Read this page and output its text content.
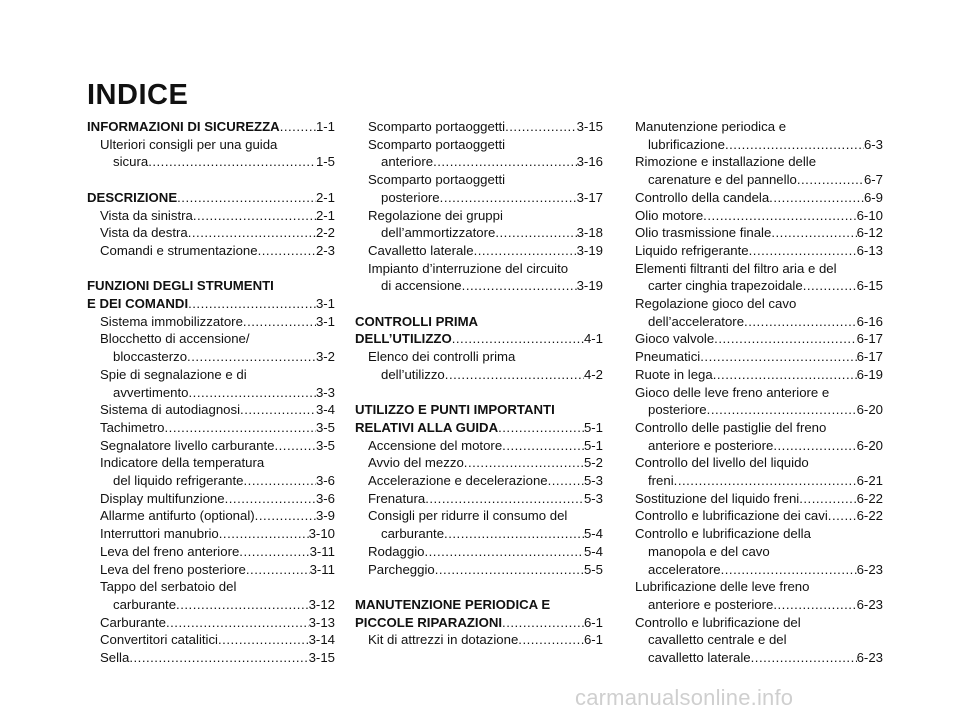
INDICE
INFORMAZIONI DI SICUREZZA .....	1-1
Ulteriori consigli per una guida
sicura .....	1-5
DESCRIZIONE .....	2-1
Vista da sinistra .....	2-1
Vista da destra .....	2-2
Comandi e strumentazione .....	2-3
FUNZIONI DEGLI STRUMENTI
E DEI COMANDI .....	3-1
Sistema immobilizzatore .....	3-1
Blocchetto di accensione/
bloccasterzo .....	3-2
Spie di segnalazione e di
avvertimento .....	3-3
Sistema di autodiagnosi .....	3-4
Tachimetro .....	3-5
Segnalatore livello carburante .....	3-5
Indicatore della temperatura
del liquido refrigerante .....	3-6
Display multifunzione .....	3-6
Allarme antifurto (optional) .....	3-9
Interruttori manubrio .....	3-10
Leva del freno anteriore .....	3-11
Leva del freno posteriore .....	3-11
Tappo del serbatoio del
carburante .....	3-12
Carburante .....	3-13
Convertitori catalitici .....	3-14
Sella .....	3-15
Scomparto portaoggetti .....	3-15
Scomparto portaoggetti
anteriore .....	3-16
Scomparto portaoggetti
posteriore .....	3-17
Regolazione dei gruppi
dell’ammortizzatore .....	3-18
Cavalletto laterale .....	3-19
Impianto d’interruzione del circuito
di accensione .....	3-19
CONTROLLI PRIMA
DELL’UTILIZZO .....	4-1
Elenco dei controlli prima
dell’utilizzo .....	4-2
UTILIZZO E PUNTI IMPORTANTI
RELATIVI ALLA GUIDA .....	5-1
Accensione del motore .....	5-1
Avvio del mezzo .....	5-2
Accelerazione e decelerazione .....	5-3
Frenatura .....	5-3
Consigli per ridurre il consumo del
carburante .....	5-4
Rodaggio .....	5-4
Parcheggio .....	5-5
MANUTENZIONE PERIODICA E
PICCOLE RIPARAZIONI .....	6-1
Kit di attrezzi in dotazione .....	6-1
Manutenzione periodica e
lubrificazione .....	6-3
Rimozione e installazione delle
carenature e del pannello .....	6-7
Controllo della candela .....	6-9
Olio motore .....	6-10
Olio trasmissione finale .....	6-12
Liquido refrigerante .....	6-13
Elementi filtranti del filtro aria e del
carter cinghia trapezoidale .....	6-15
Regolazione gioco del cavo
dell’acceleratore .....	6-16
Gioco valvole .....	6-17
Pneumatici .....	6-17
Ruote in lega .....	6-19
Gioco delle leve freno anteriore e
posteriore .....	6-20
Controllo delle pastiglie del freno
anteriore e posteriore .....	6-20
Controllo del livello del liquido
freni .....	6-21
Sostituzione del liquido freni .....	6-22
Controllo e lubrificazione dei cavi ..... 6-22
Controllo e lubrificazione della
manopola e del cavo
acceleratore .....	6-23
Lubrificazione delle leve freno
anteriore e posteriore .....	6-23
Controllo e lubrificazione del
cavalletto centrale e del
cavalletto laterale .....	6-23
carmanualsonline.info
